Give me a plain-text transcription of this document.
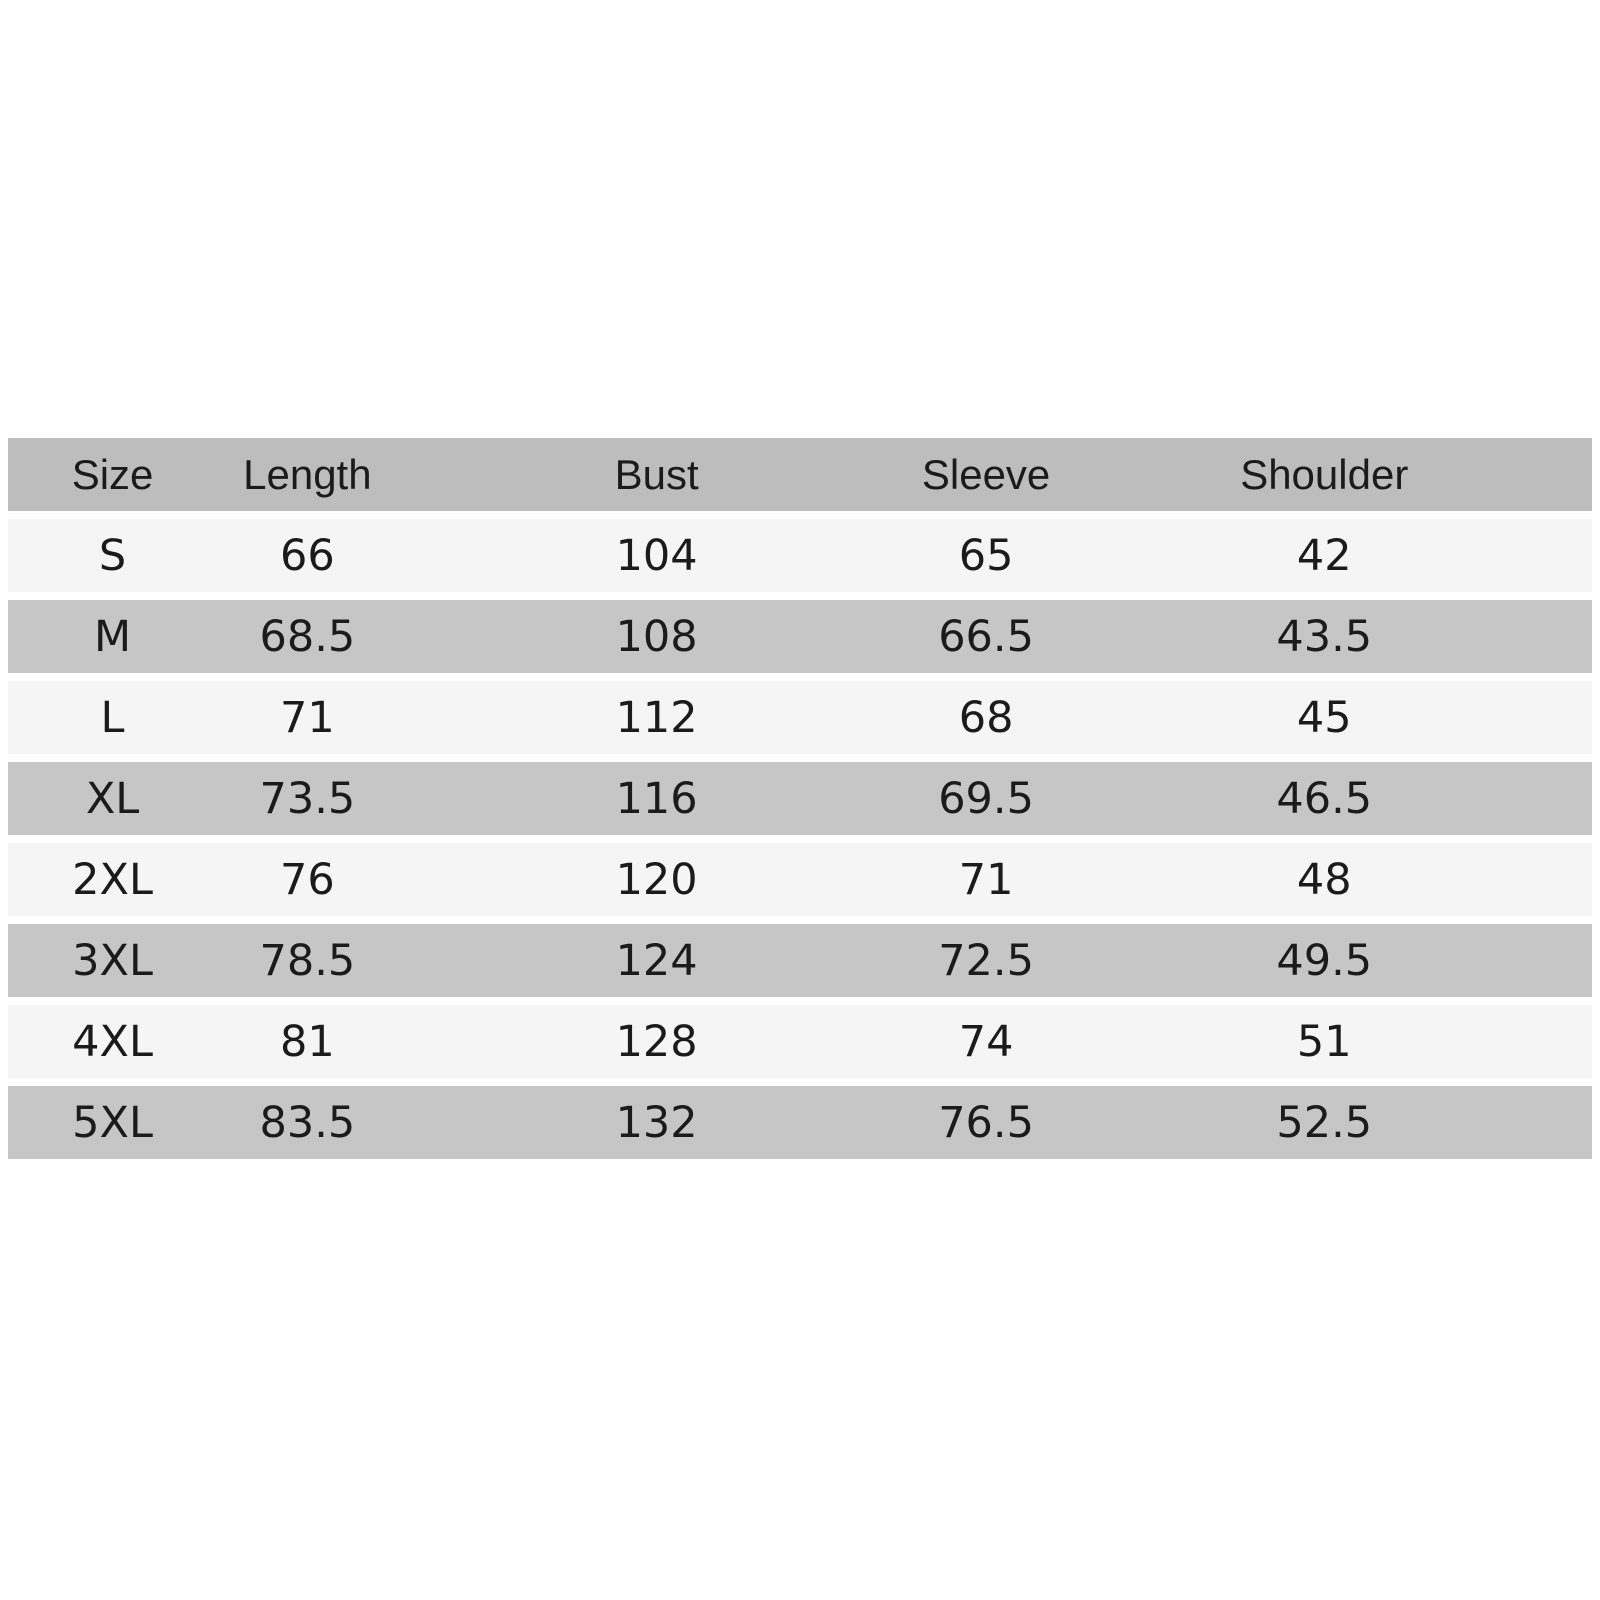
Size	Length	Bust	Sleeve	Shoulder
S	66	104	65	42
M	68.5	108	66.5	43.5
L	71	112	68	45
XL	73.5	116	69.5	46.5
2XL	76	120	71	48
3XL	78.5	124	72.5	49.5
4XL	81	128	74	51
5XL	83.5	132	76.5	52.5
